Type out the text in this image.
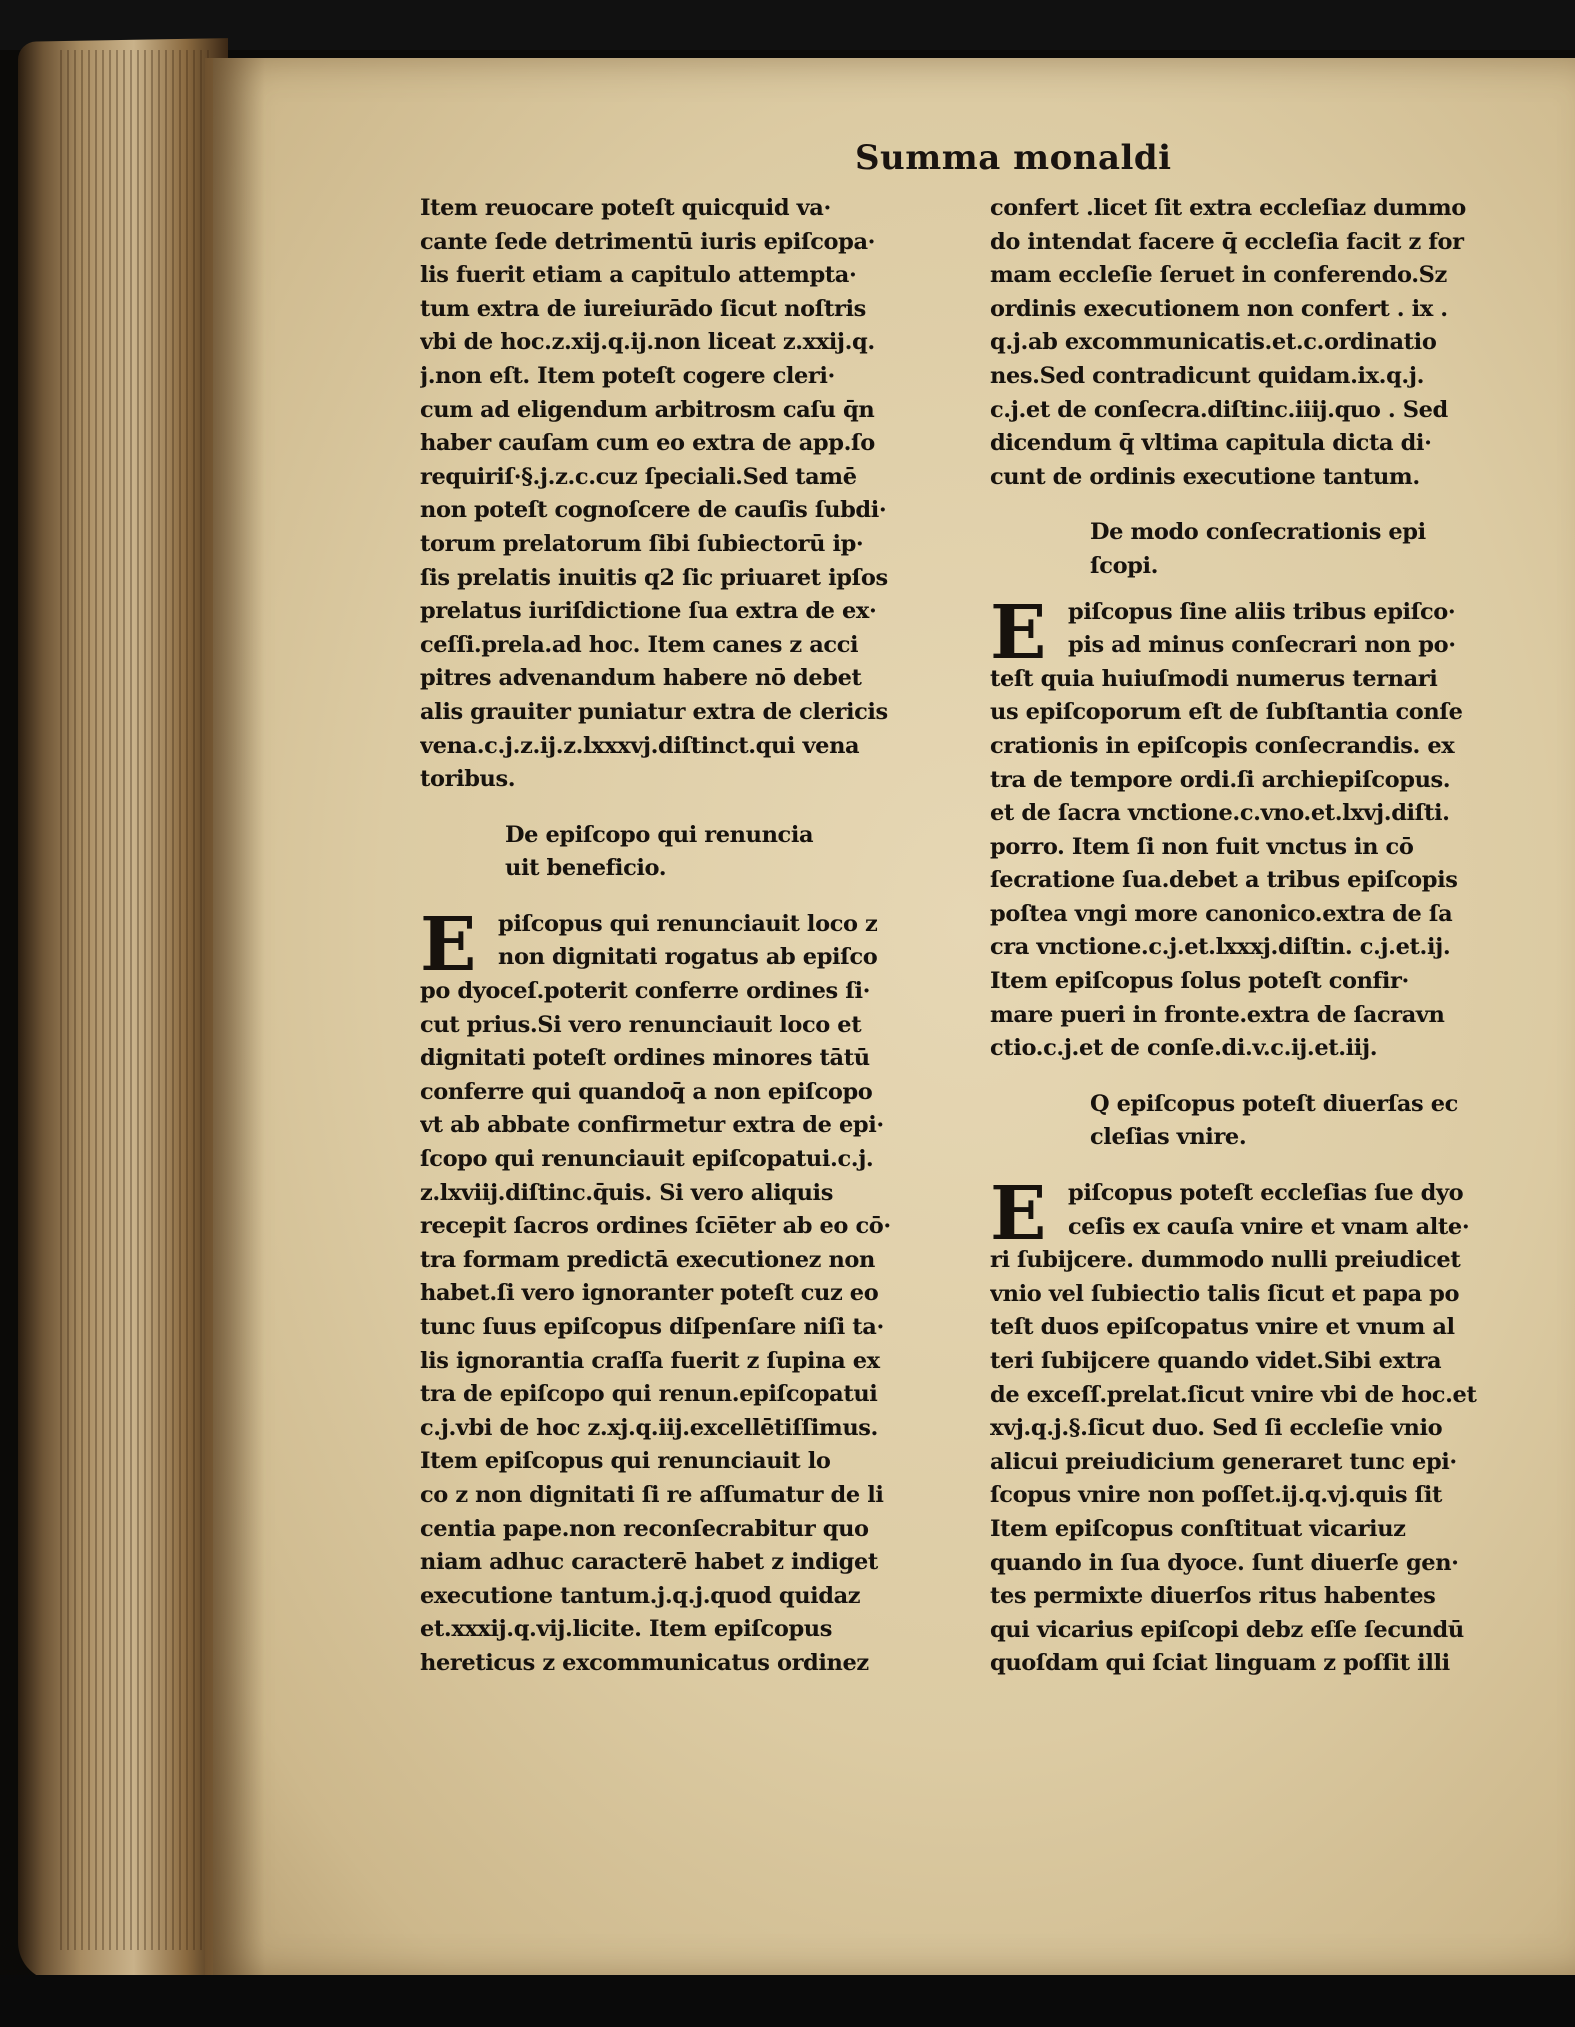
Summa monaldi
Item reuocare poteſt quicquid va·
cante ſede detrimentū iuris epiſcopa·
lis fuerit etiam a capitulo attempta·
tum extra de iureiurādo ſicut noſtris
vbi de hoc.z.xij.q.ij.non liceat z.xxij.q.
j.non eſt. Item poteſt cogere cleri·
cum ad eligendum arbitrosm caſu q̄n
haber cauſam cum eo extra de app.ſo
requiriſ·§.j.z.c.cuz ſpeciali.Sed tamē
non poteſt cognoſcere de cauſis ſubdi·
torum prelatorum ſibi ſubiectorū ip·
ſis prelatis inuitis q2 ſic priuaret ipſos
prelatus iuriſdictione ſua extra de ex·
ceſſi.prela.ad hoc. Item canes z acci
pitres advenandum habere nō debet
alis grauiter puniatur extra de clericis
vena.c.j.z.ij.z.lxxxvj.diſtinct.qui vena
toribus.
De epiſcopo qui renuncia
uit beneficio.
E piſcopus qui renunciauit loco z
non dignitati rogatus ab epiſco
po dyoceſ.poterit conferre ordines ſi·
cut prius.Si vero renunciauit loco et
dignitati poteſt ordines minores tātū
conferre qui quandoq̄ a non epiſcopo
vt ab abbate confirmetur extra de epi·
ſcopo qui renunciauit epiſcopatui.c.j.
z.lxviij.diſtinc.q̄uis. Si vero aliquis
recepit ſacros ordines ſcīēter ab eo cō·
tra formam predictā executionez non
habet.ſi vero ignoranter poteſt cuz eo
tunc ſuus epiſcopus diſpenſare niſi ta·
lis ignorantia craſſa fuerit z ſupina ex
tra de epiſcopo qui renun.epiſcopatui
c.j.vbi de hoc z.xj.q.iij.excellētiſſimus.
Item epiſcopus qui renunciauit lo
co z non dignitati ſi re aſſumatur de li
centia pape.non reconſecrabitur quo
niam adhuc caracterē habet z indiget
executione tantum.j.q.j.quod quidaz
et.xxxij.q.vij.licite. Item epiſcopus
hereticus z excommunicatus ordinez
confert .licet ſit extra eccleſiaz dummo
do intendat facere q̄ eccleſia facit z for
mam eccleſie ſeruet in conferendo.Sz
ordinis executionem non confert . ix .
q.j.ab excommunicatis.et.c.ordinatio
nes.Sed contradicunt quidam.ix.q.j.
c.j.et de conſecra.diſtinc.iiij.quo . Sed
dicendum q̄ vltima capitula dicta di·
cunt de ordinis executione tantum.
De modo conſecrationis epi
ſcopi.
E piſcopus ſine aliis tribus epiſco·
pis ad minus conſecrari non po·
teſt quia huiuſmodi numerus ternari
us epiſcoporum eſt de ſubſtantia conſe
crationis in epiſcopis conſecrandis. ex
tra de tempore ordi.ſi archiepiſcopus.
et de ſacra vnctione.c.vno.et.lxvj.diſti.
porro. Item ſi non fuit vnctus in cō
ſecratione ſua.debet a tribus epiſcopis
poſtea vngi more canonico.extra de ſa
cra vnctione.c.j.et.lxxxj.diſtin. c.j.et.ij.
Item epiſcopus ſolus poteſt confir·
mare pueri in fronte.extra de ſacravn
ctio.c.j.et de conſe.di.v.c.ij.et.iij.
Q epiſcopus poteſt diuerſas ec
cleſias vnire.
E piſcopus poteſt eccleſias ſue dyo
ceſis ex cauſa vnire et vnam alte·
ri ſubijcere. dummodo nulli preiudicet
vnio vel ſubiectio talis ſicut et papa po
teſt duos epiſcopatus vnire et vnum al
teri ſubijcere quando videt.Sibi extra
de exceſſ.prelat.ſicut vnire vbi de hoc.et
xvj.q.j.§.ſicut duo. Sed ſi eccleſie vnio
alicui preiudicium generaret tunc epi·
ſcopus vnire non poſſet.ij.q.vj.quis ſit
Item epiſcopus conſtituat vicariuz
quando in ſua dyoce. ſunt diuerſe gen·
tes permixte diuerſos ritus habentes
qui vicarius epiſcopi debz eſſe ſecundū
quoſdam qui ſciat linguam z poſſit illi
